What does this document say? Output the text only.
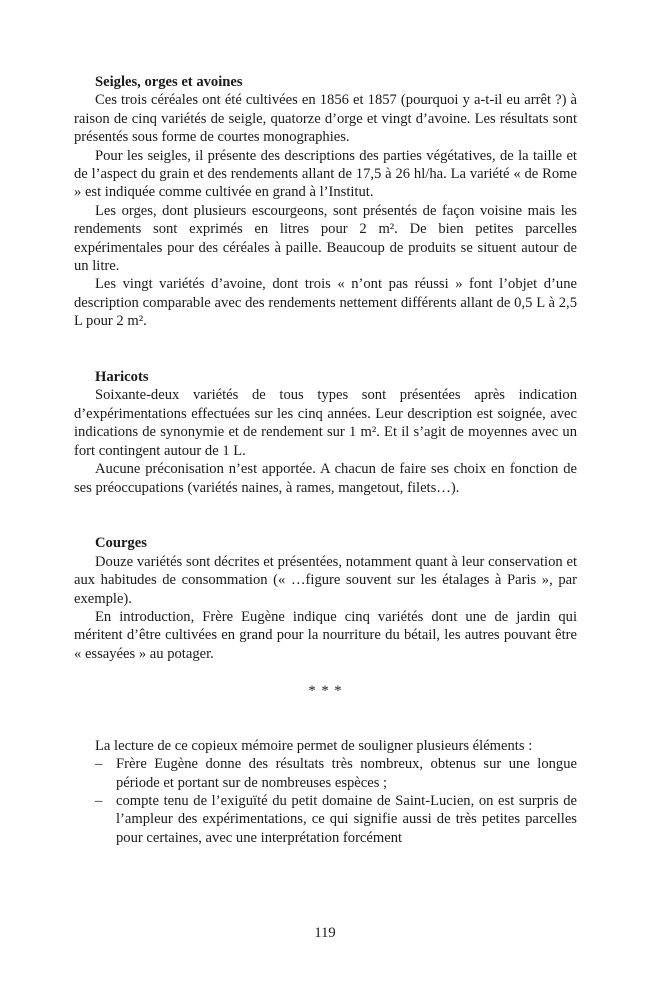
Seigles, orges et avoines

Ces trois céréales ont été cultivées en 1856 et 1857 (pourquoi y a-t-il eu arrêt ?) à raison de cinq variétés de seigle, quatorze d’orge et vingt d’avoine. Les résultats sont présentés sous forme de courtes monographies.

Pour les seigles, il présente des descriptions des parties végétatives, de la taille et de l’aspect du grain et des rendements allant de 17,5 à 26 hl/ha. La variété « de Rome » est indiquée comme cultivée en grand à l’Institut.

Les orges, dont plusieurs escourgeons, sont présentés de façon voisine mais les rendements sont exprimés en litres pour 2 m². De bien petites parcelles expérimentales pour des céréales à paille. Beaucoup de produits se situent autour de un litre.

Les vingt variétés d’avoine, dont trois « n’ont pas réussi » font l’objet d’une description comparable avec des rendements nettement différents allant de 0,5 L à 2,5 L pour 2 m².

Haricots

Soixante-deux variétés de tous types sont présentées après indication d’expérimentations effectuées sur les cinq années. Leur description est soignée, avec indications de synonymie et de rendement sur 1 m². Et il s’agit de moyennes avec un fort contingent autour de 1 L.

Aucune préconisation n’est apportée. A chacun de faire ses choix en fonction de ses préoccupations (variétés naines, à rames, mangetout, filets…).

Courges

Douze variétés sont décrites et présentées, notamment quant à leur conservation et aux habitudes de consommation (« …figure souvent sur les étalages à Paris », par exemple).

En introduction, Frère Eugène indique cinq variétés dont une de jardin qui méritent d’être cultivées en grand pour la nourriture du bétail, les autres pouvant être « essayées » au potager.

* * *

La lecture de ce copieux mémoire permet de souligner plusieurs éléments :

– Frère Eugène donne des résultats très nombreux, obtenus sur une longue période et portant sur de nombreuses espèces ;
– compte tenu de l’exiguïté du petit domaine de Saint-Lucien, on est surpris de l’ampleur des expérimentations, ce qui signifie aussi de très petites parcelles pour certaines, avec une interprétation forcément
119
